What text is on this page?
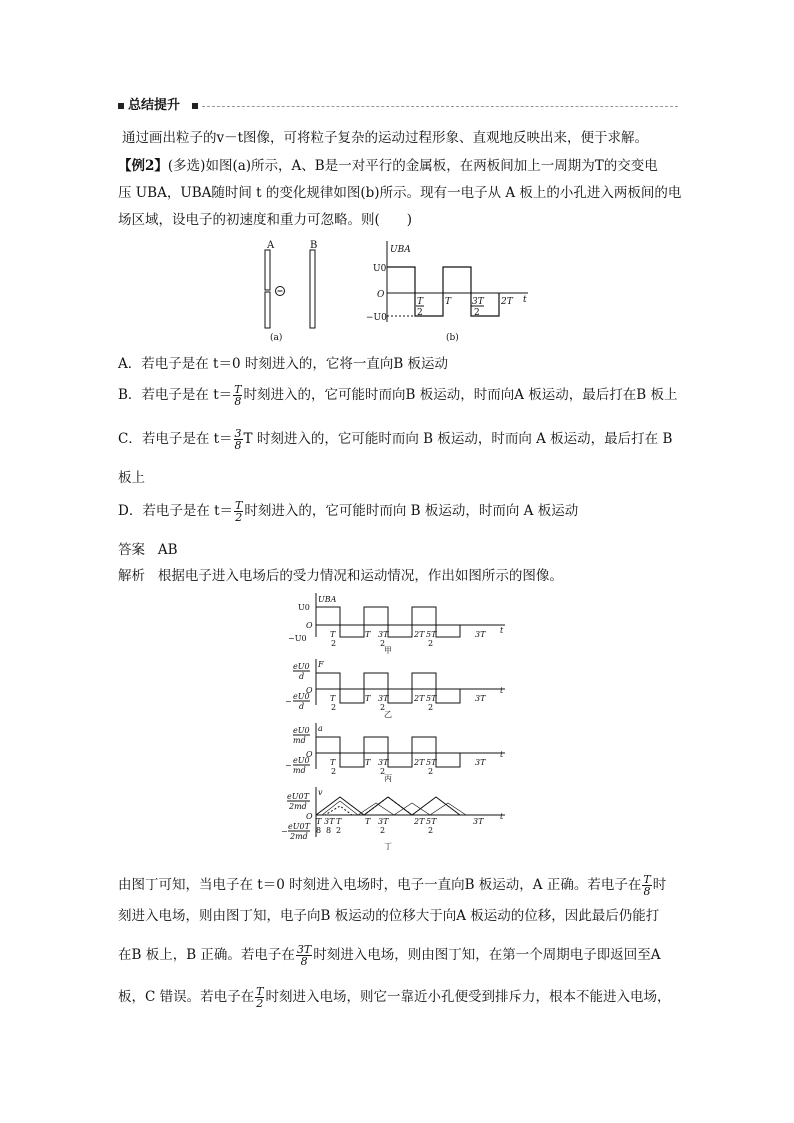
总结提升
通过画出粒子的v－t图像，可将粒子复杂的运动过程形象、直观地反映出来，便于求解。
【例2】(多选)如图(a)所示，A、B是一对平行的金属板，在两板间加上一周期为T的交变电
压 UBA，UBA随时间 t 的变化规律如图(b)所示。现有一电子从 A 板上的小孔进入两板间的电
场区域，设电子的初速度和重力可忽略。则(　　)
A	B
(a)
UBA
U0
O
−U0
t
T
2
T 3T
2
2T
(b)
A．若电子是在 t＝0 时刻进入的，它将一直向B 板运动
B．若电子是在 $t= \frac{T}{8}$ 时刻进入的，它可能时而向B 板运动，时而向A 板运动，最后打在B 板上
C．若电子是在 $t= \frac{3}{8}$ T 时刻进入的，它可能时而向 B 板运动，时而向 A 板运动，最后打在 B
板上
D．若电子是在 $t= \frac{T}{2}$ 时刻进入的，它可能时而向 B 板运动，时而向 A 板运动
答案 AB
解析 根据电子进入电场后的受力情况和运动情况，作出如图所示的图像。
UBA
U0
O
−U0
t
T
2
T 3T
2
2T 5T
2
3T
甲
F
eU0
d
O
eU0
−
d
t
T
2
T 3T
2
2T 5T
2
3T
乙
a
eU0
md
O
eU0
−
md
t
T
2
T 3T
2
2T 5T
2
3T
丙
v
eU0T
2md
O
eU0T
−
2md
t
T
8
3T
8
T
2
T 3T
2
2T 5T
2
3T
丁
由图丁可知，当电子在 t＝0 时刻进入电场时，电子一直向B 板运动，A 正确。若电子在 $\frac{T}{8}$ 时
刻进入电场，则由图丁知，电子向B 板运动的位移大于向A 板运动的位移，因此最后仍能打
在B 板上，B 正确。若电子在 $\frac{3T}{8}$ 时刻进入电场，则由图丁知，在第一个周期电子即返回至A
板，C 错误。若电子在 $\frac{T}{2}$ 时刻进入电场，则它一靠近小孔便受到排斥力，根本不能进入电场，
